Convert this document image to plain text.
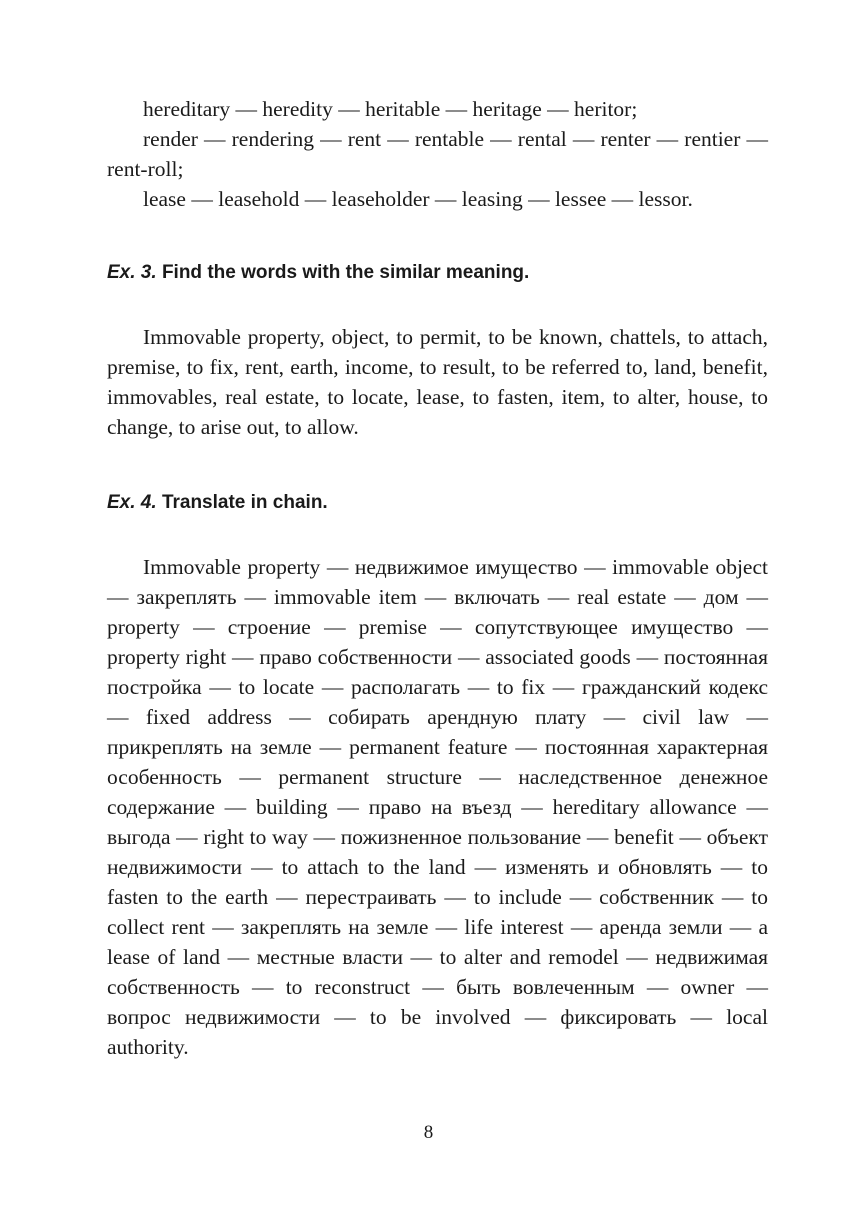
hereditary — heredity — heritable — heritage — heritor;

render — rendering — rent — rentable — rental — renter — rentier — rent-roll;

lease — leasehold — leaseholder — leasing — lessee — lessor.

Ex. 3. Find the words with the similar meaning.

Immovable property, object, to permit, to be known, chattels, to attach, premise, to fix, rent, earth, income, to result, to be referred to, land, benefit, immovables, real estate, to locate, lease, to fasten, item, to alter, house, to change, to arise out, to allow.

Ex. 4. Translate in chain.

Immovable property — недвижимое имущество — immovable object — закреплять — immovable item — включать — real estate — дом — property — строение — premise — сопутствующее имущество — property right — право собственности — associated goods — постоянная постройка — to locate — располагать — to fix — гражданский кодекс — fixed address — собирать арендную плату — civil law — прикреплять на земле — permanent feature — постоянная характерная особенность — permanent structure — наследственное денежное содержание — building — право на въезд — hereditary allowance — выгода — right to way — пожизненное пользование — benefit — объект недвижимости — to attach to the land — изменять и обновлять — to fasten to the earth — перестраивать — to include — собственник — to collect rent — закреплять на земле — life interest — аренда земли — a lease of land — местные власти — to alter and remodel — недвижимая собственность — to reconstruct — быть вовлеченным — owner — вопрос недвижимости — to be involved — фиксировать — local authority.

8
